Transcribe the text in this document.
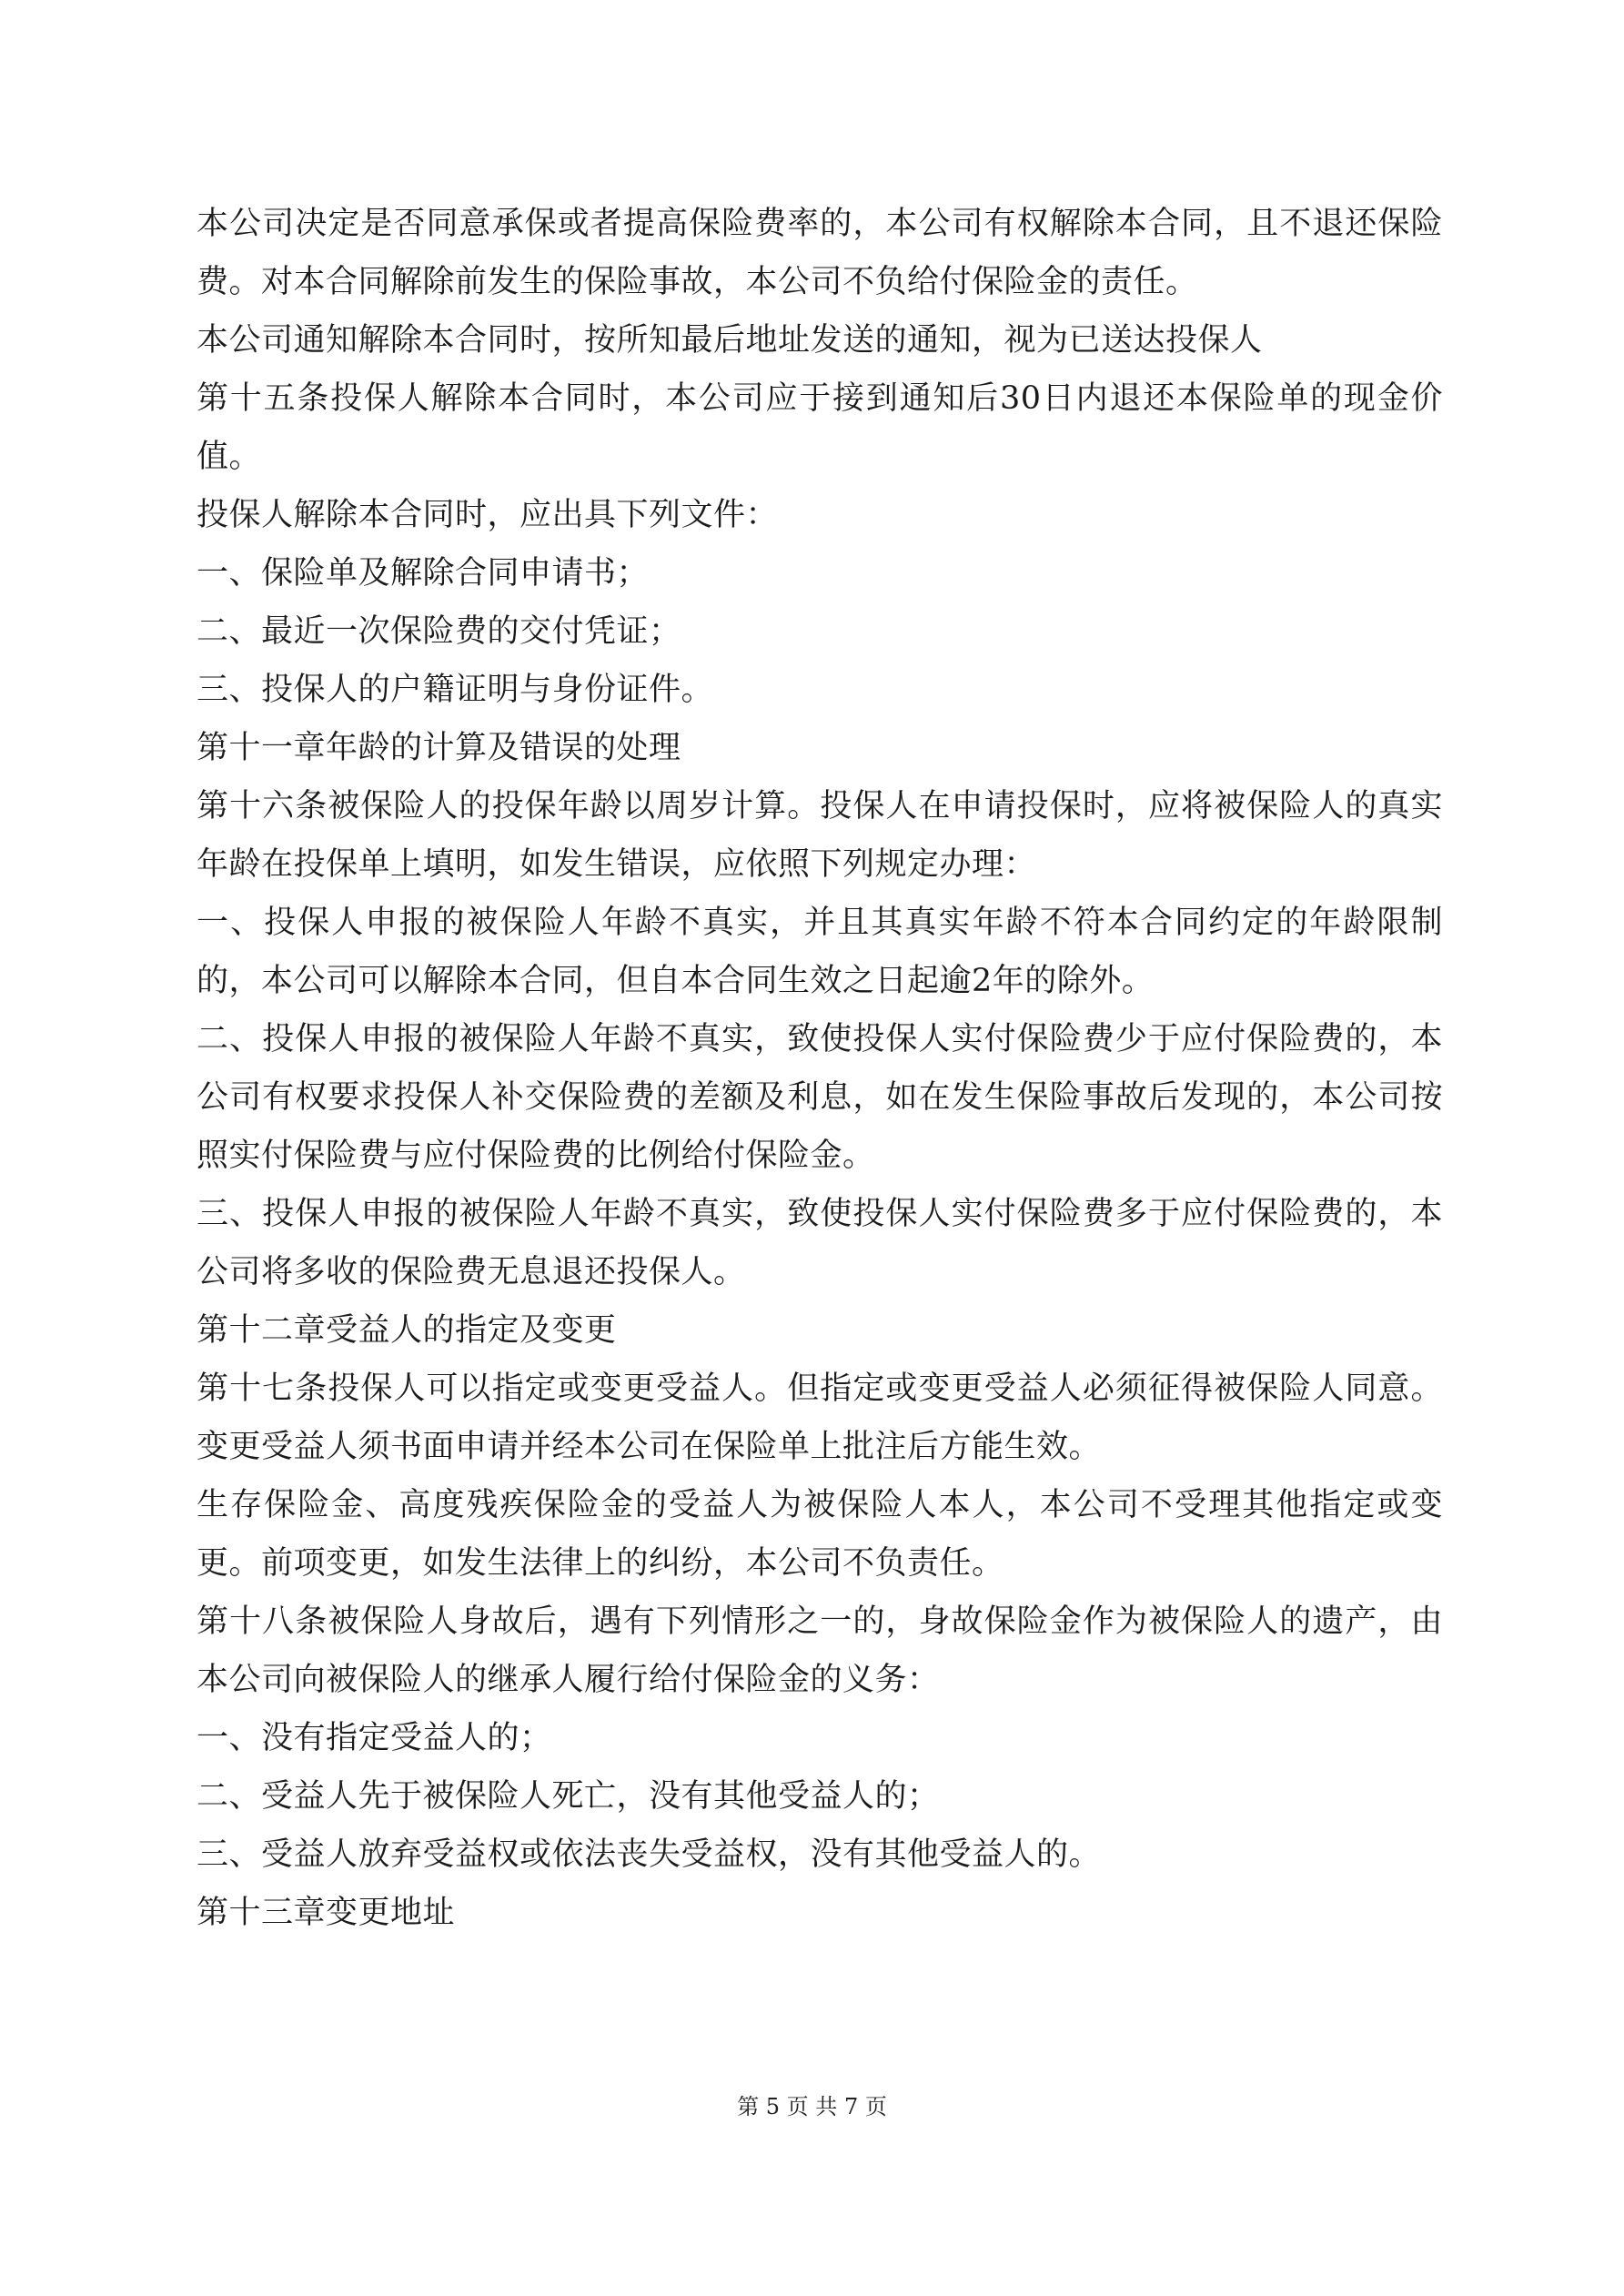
本公司决定是否同意承保或者提高保险费率的，本公司有权解除本合同，且不退还保险费。对本合同解除前发生的保险事故，本公司不负给付保险金的责任。

本公司通知解除本合同时，按所知最后地址发送的通知，视为已送达投保人

第十五条投保人解除本合同时，本公司应于接到通知后30日内退还本保险单的现金价值。

投保人解除本合同时，应出具下列文件：

一、保险单及解除合同申请书；

二、最近一次保险费的交付凭证；

三、投保人的户籍证明与身份证件。

第十一章年龄的计算及错误的处理

第十六条被保险人的投保年龄以周岁计算。投保人在申请投保时，应将被保险人的真实年龄在投保单上填明，如发生错误，应依照下列规定办理：

一、投保人申报的被保险人年龄不真实，并且其真实年龄不符本合同约定的年龄限制的，本公司可以解除本合同，但自本合同生效之日起逾2年的除外。

二、投保人申报的被保险人年龄不真实，致使投保人实付保险费少于应付保险费的，本公司有权要求投保人补交保险费的差额及利息，如在发生保险事故后发现的，本公司按照实付保险费与应付保险费的比例给付保险金。

三、投保人申报的被保险人年龄不真实，致使投保人实付保险费多于应付保险费的，本公司将多收的保险费无息退还投保人。

第十二章受益人的指定及变更

第十七条投保人可以指定或变更受益人。但指定或变更受益人必须征得被保险人同意。变更受益人须书面申请并经本公司在保险单上批注后方能生效。

生存保险金、高度残疾保险金的受益人为被保险人本人，本公司不受理其他指定或变更。前项变更，如发生法律上的纠纷，本公司不负责任。

第十八条被保险人身故后，遇有下列情形之一的，身故保险金作为被保险人的遗产，由本公司向被保险人的继承人履行给付保险金的义务：

一、没有指定受益人的；

二、受益人先于被保险人死亡，没有其他受益人的；

三、受益人放弃受益权或依法丧失受益权，没有其他受益人的。

第十三章变更地址

第 5 页 共 7 页
